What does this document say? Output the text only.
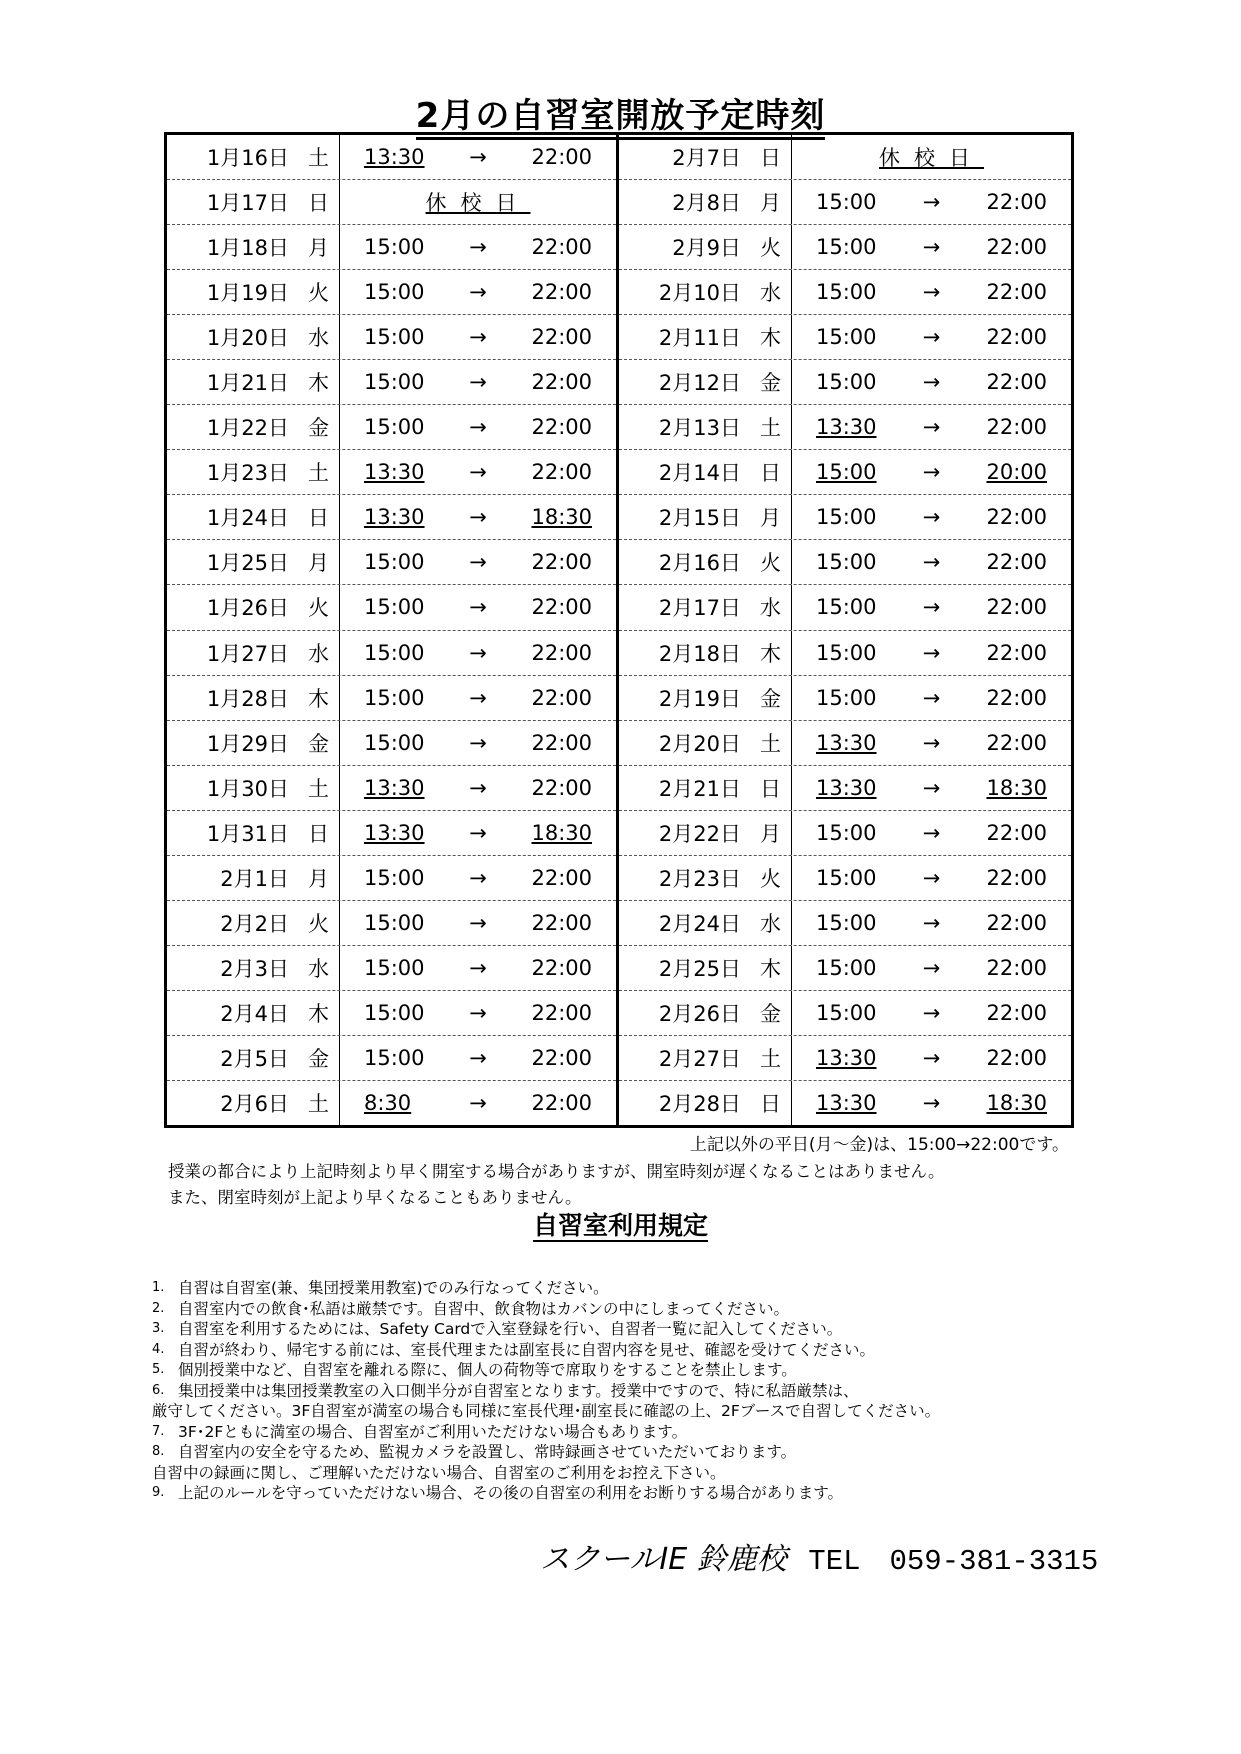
2月の自習室開放予定時刻
1月16日 土 13:30	→	22:00
1月17日 日	休校日
1月18日 月 15:00	→	22:00
1月19日 火 15:00	→	22:00
1月20日 水 15:00	→	22:00
1月21日 木 15:00	→	22:00
1月22日 金 15:00	→	22:00
1月23日 土 13:30	→	22:00
1月24日 日 13:30	→	18:30
1月25日 月 15:00	→	22:00
1月26日 火 15:00	→	22:00
1月27日 水 15:00	→	22:00
1月28日 木 15:00	→	22:00
1月29日 金 15:00	→	22:00
1月30日 土 13:30	→	22:00
1月31日 日 13:30	→	18:30
2月1日 月 15:00	→	22:00
2月2日 火 15:00	→	22:00
2月3日 水 15:00	→	22:00
2月4日 木 15:00	→	22:00
2月5日 金 15:00	→	22:00
2月6日 土 8:30	→	22:00
2月7日 日	休校日
2月8日 月 15:00	→	22:00
2月9日 火 15:00	→	22:00
2月10日 水 15:00	→	22:00
2月11日 木 15:00	→	22:00
2月12日 金 15:00	→	22:00
2月13日 土 13:30	→	22:00
2月14日 日 15:00	→	20:00
2月15日 月 15:00	→	22:00
2月16日 火 15:00	→	22:00
2月17日 水 15:00	→	22:00
2月18日 木 15:00	→	22:00
2月19日 金 15:00	→	22:00
2月20日 土 13:30	→	22:00
2月21日 日 13:30	→	18:30
2月22日 月 15:00	→	22:00
2月23日 火 15:00	→	22:00
2月24日 水 15:00	→	22:00
2月25日 木 15:00	→	22:00
2月26日 金 15:00	→	22:00
2月27日 土 13:30	→	22:00
2月28日 日 13:30	→	18:30
上記以外の平日(月～金)は、15:00→22:00です。
授業の都合により上記時刻より早く開室する場合がありますが、開室時刻が遅くなることはありません。
また、閉室時刻が上記より早くなることもありません。
自習室利用規定
1. 自習は自習室(兼、集団授業用教室)でのみ行なってください。
2. 自習室内での飲食･私語は厳禁です。自習中、飲食物はカバンの中にしまってください。
3. 自習室を利用するためには、Safety Cardで入室登録を行い、自習者一覧に記入してください。
4. 自習が終わり、帰宅する前には、室長代理または副室長に自習内容を見せ、確認を受けてください。
5. 個別授業中など、自習室を離れる際に、個人の荷物等で席取りをすることを禁止します。
6. 集団授業中は集団授業教室の入口側半分が自習室となります。授業中ですので、特に私語厳禁は、
厳守してください。3F自習室が満室の場合も同様に室長代理･副室長に確認の上、2Fブースで自習してください。
7. 3F･2Fともに満室の場合、自習室がご利用いただけない場合もあります。
8. 自習室内の安全を守るため、監視カメラを設置し、常時録画させていただいております。
自習中の録画に関し、ご理解いただけない場合、自習室のご利用をお控え下さい。
9. 上記のルールを守っていただけない場合、その後の自習室の利用をお断りする場合があります。
スクールIE 鈴鹿校 TEL　059-381-3315
